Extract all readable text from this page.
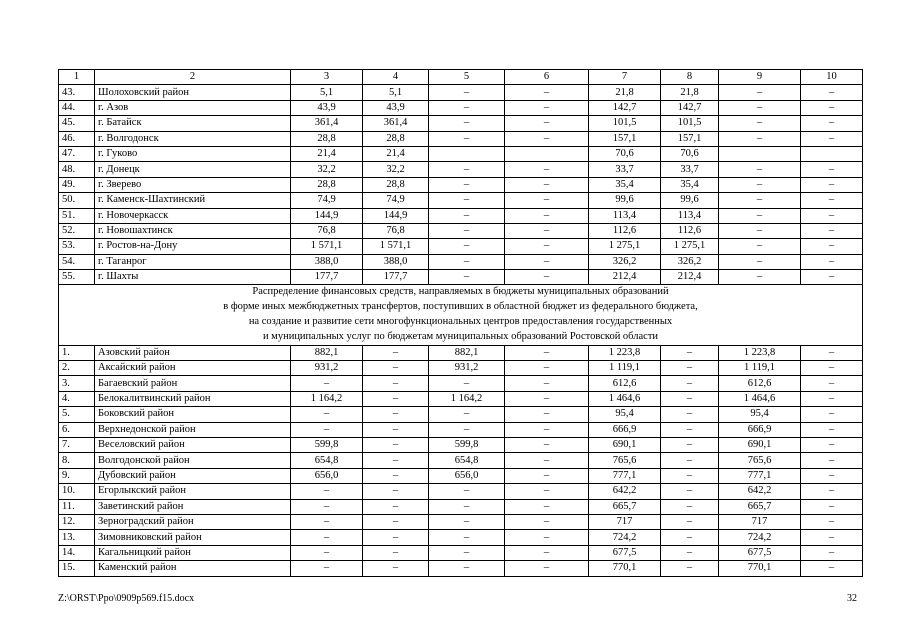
1	2	3	4	5	6	7	8	9	10
43.	Шолоховский район	5,1	5,1	–	–	21,8	21,8	–	–
44.	г. Азов	43,9	43,9	–	–	142,7	142,7	–	–
45.	г. Батайск	361,4	361,4	–	–	101,5	101,5	–	–
46.	г. Волгодонск	28,8	28,8	–	–	157,1	157,1	–	–
47.	г. Гуково	21,4	21,4			70,6	70,6		
48.	г. Донецк	32,2	32,2	–	–	33,7	33,7	–	–
49.	г. Зверево	28,8	28,8	–	–	35,4	35,4	–	–
50.	г. Каменск-Шахтинский	74,9	74,9	–	–	99,6	99,6	–	–
51.	г. Новочеркасск	144,9	144,9	–	–	113,4	113,4	–	–
52.	г. Новошахтинск	76,8	76,8	–	–	112,6	112,6	–	–
53.	г. Ростов-на-Дону	1 571,1	1 571,1	–	–	1 275,1	1 275,1	–	–
54.	г. Таганрог	388,0	388,0	–	–	326,2	326,2	–	–
55.	г. Шахты	177,7	177,7	–	–	212,4	212,4	–	–

Распределение финансовых средств, направляемых в бюджеты муниципальных образований
в форме иных межбюджетных трансфертов, поступивших в областной бюджет из федерального бюджета,
на создание и развитие сети многофункциональных центров предоставления государственных
и муниципальных услуг по бюджетам муниципальных образований Ростовской области									

1.	Азовский район	882,1	–	882,1	–	1 223,8	–	1 223,8	–
2.	Аксайский район	931,2	–	931,2	–	1 119,1	–	1 119,1	–
3.	Багаевский район	–	–	–	–	612,6	–	612,6	–
4.	Белокалитвинский район	1 164,2	–	1 164,2	–	1 464,6	–	1 464,6	–
5.	Боковский район	–	–	–	–	95,4	–	95,4	–
6.	Верхнедонской район	–	–	–	–	666,9	–	666,9	–
7.	Веселовский район	599,8	–	599,8	–	690,1	–	690,1	–
8.	Волгодонской район	654,8	–	654,8	–	765,6	–	765,6	–
9.	Дубовский район	656,0	–	656,0	–	777,1	–	777,1	–
10.	Егорлыкский район	–	–	–	–	642,2	–	642,2	–
11.	Заветинский район	–	–	–	–	665,7	–	665,7	–
12.	Зерноградский район	–	–	–	–	717	–	717	–
13.	Зимовниковский район	–	–	–	–	724,2	–	724,2	–
14.	Кагальницкий район	–	–	–	–	677,5	–	677,5	–
15.	Каменский район	–	–	–	–	770,1	–	770,1	–
Z:\ORST\Ppo\0909p569.f15.docx	32
